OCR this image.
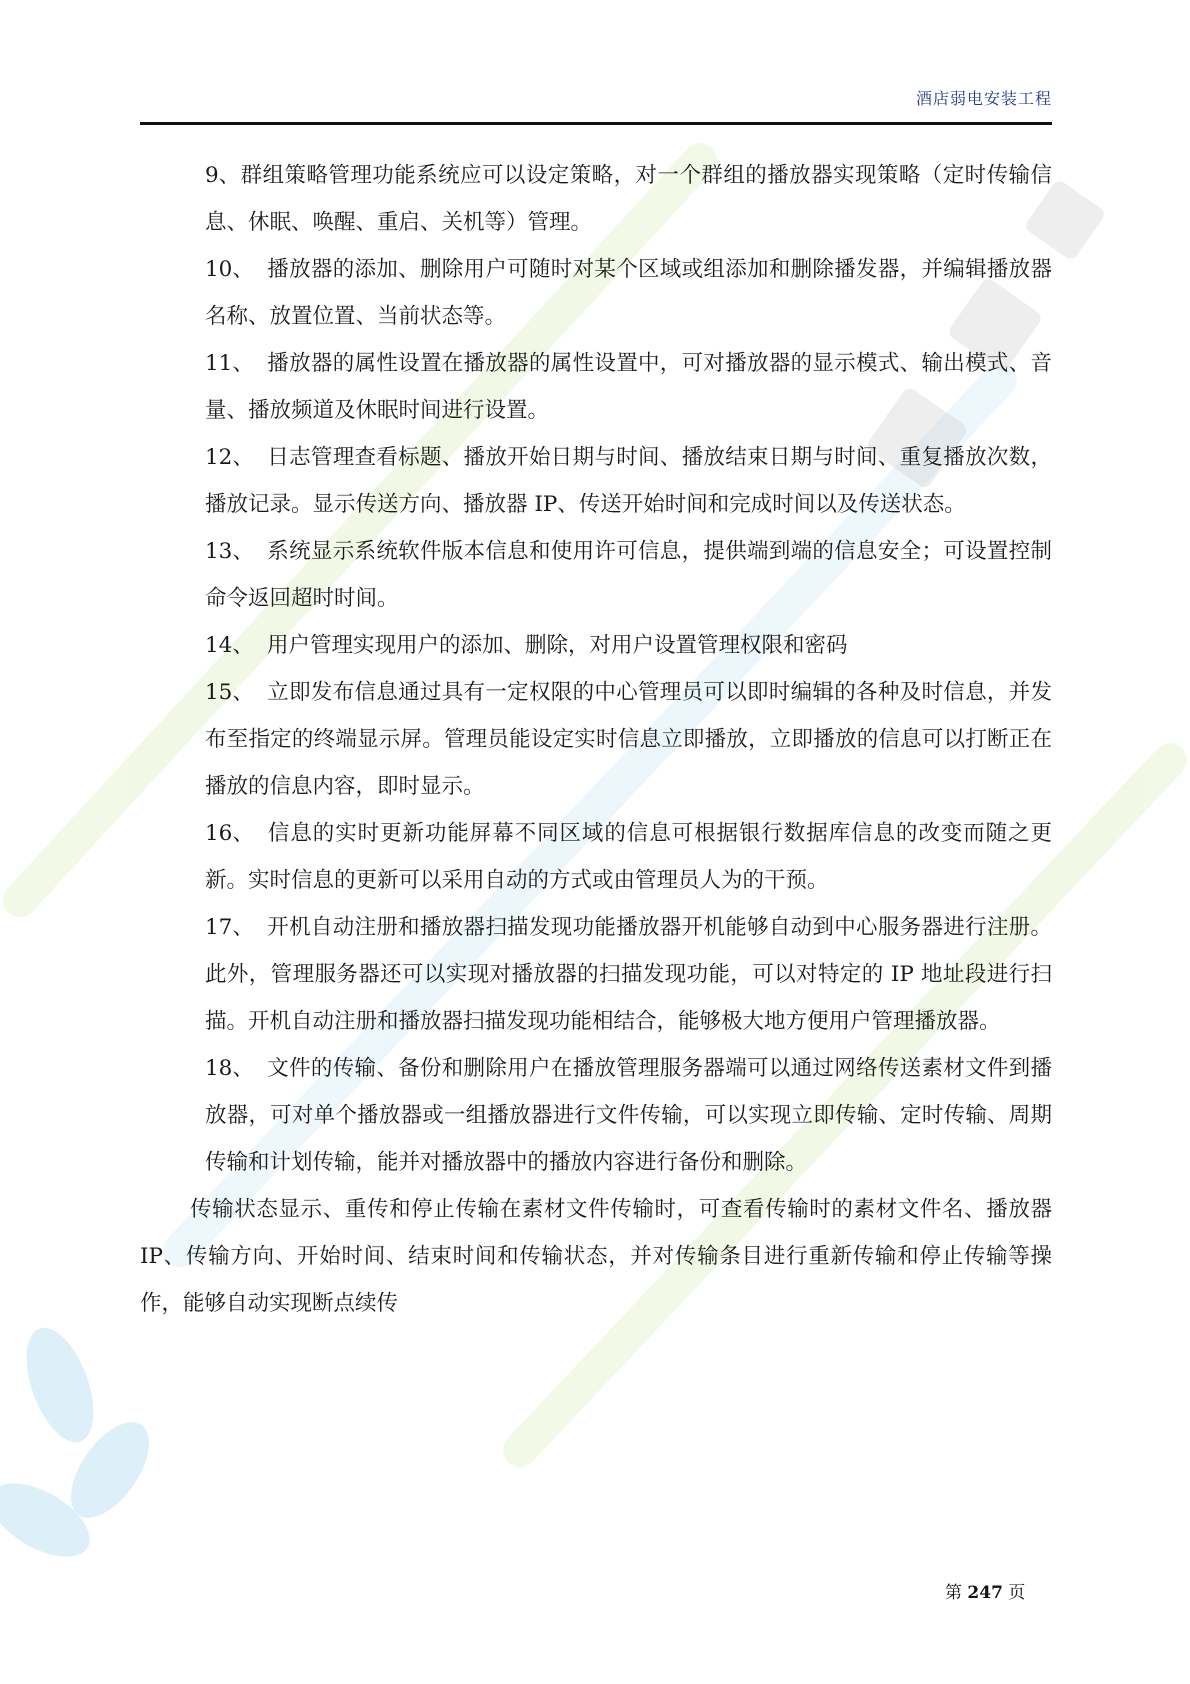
酒店弱电安装工程

9、群组策略管理功能系统应可以设定策略，对一个群组的播放器实现策略（定时传输信息、休眠、唤醒、重启、关机等）管理。

10、 播放器的添加、删除用户可随时对某个区域或组添加和删除播发器，并编辑播放器名称、放置位置、当前状态等。

11、 播放器的属性设置在播放器的属性设置中，可对播放器的显示模式、输出模式、音量、播放频道及休眠时间进行设置。

12、 日志管理查看标题、播放开始日期与时间、播放结束日期与时间、重复播放次数，播放记录。显示传送方向、播放器 IP、传送开始时间和完成时间以及传送状态。

13、 系统显示系统软件版本信息和使用许可信息，提供端到端的信息安全；可设置控制命令返回超时时间。

14、 用户管理实现用户的添加、删除，对用户设置管理权限和密码

15、 立即发布信息通过具有一定权限的中心管理员可以即时编辑的各种及时信息，并发布至指定的终端显示屏。管理员能设定实时信息立即播放，立即播放的信息可以打断正在播放的信息内容，即时显示。

16、 信息的实时更新功能屏幕不同区域的信息可根据银行数据库信息的改变而随之更新。实时信息的更新可以采用自动的方式或由管理员人为的干预。

17、 开机自动注册和播放器扫描发现功能播放器开机能够自动到中心服务器进行注册。此外，管理服务器还可以实现对播放器的扫描发现功能，可以对特定的 IP 地址段进行扫描。开机自动注册和播放器扫描发现功能相结合，能够极大地方便用户管理播放器。

18、 文件的传输、备份和删除用户在播放管理服务器端可以通过网络传送素材文件到播放器，可对单个播放器或一组播放器进行文件传输，可以实现立即传输、定时传输、周期传输和计划传输，能并对播放器中的播放内容进行备份和删除。

传输状态显示、重传和停止传输在素材文件传输时，可查看传输时的素材文件名、播放器 IP、传输方向、开始时间、结束时间和传输状态，并对传输条目进行重新传输和停止传输等操作，能够自动实现断点续传

第 247 页
